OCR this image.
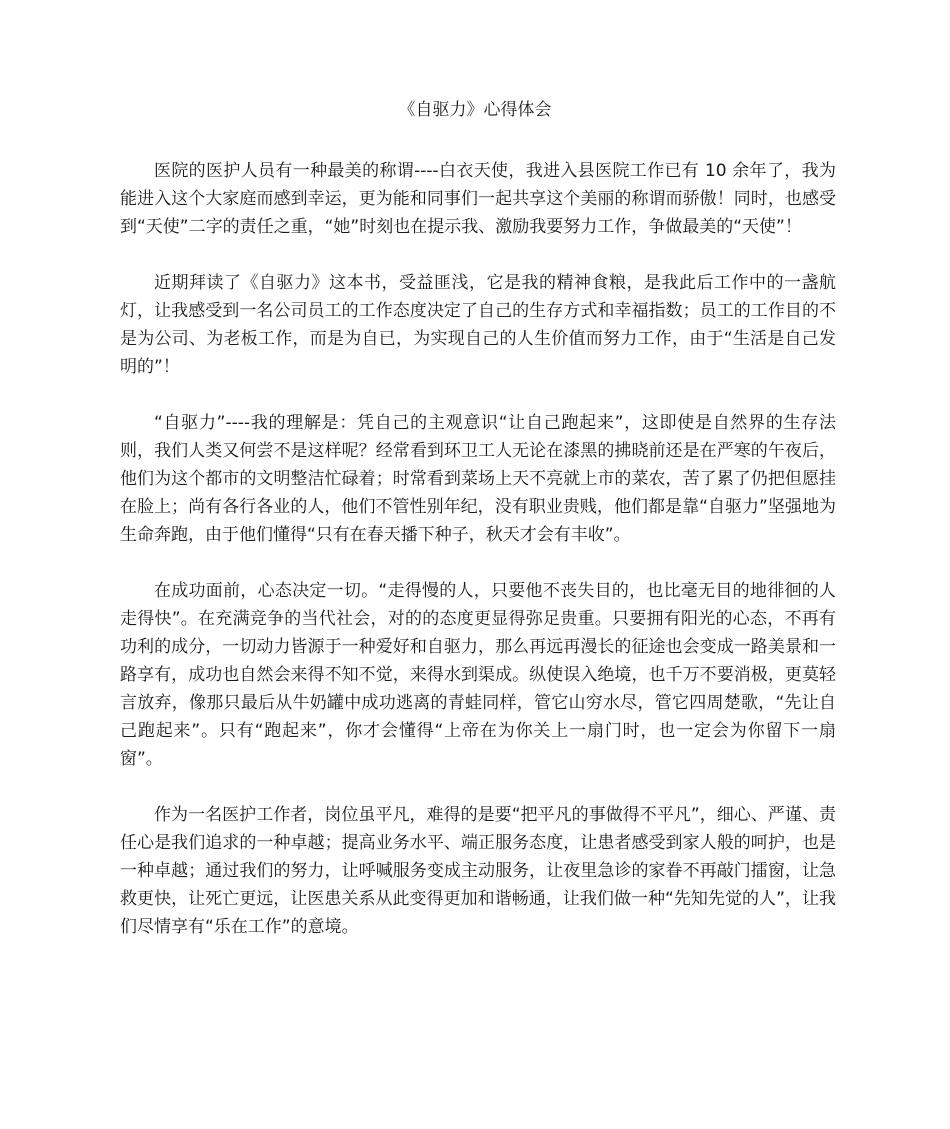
《自驱力》心得体会

医院的医护人员有一种最美的称谓----白衣天使，我进入县医院工作已有 10 余年了，我为能进入这个大家庭而感到幸运，更为能和同事们一起共享这个美丽的称谓而骄傲！同时，也感受到“天使”二字的责任之重，“她”时刻也在提示我、激励我要努力工作，争做最美的“天使”！

近期拜读了《自驱力》这本书，受益匪浅，它是我的精神食粮，是我此后工作中的一盏航灯，让我感受到一名公司员工的工作态度决定了自己的生存方式和幸福指数；员工的工作目的不是为公司、为老板工作，而是为自已，为实现自己的人生价值而努力工作，由于“生活是自己发明的”！

“自驱力”----我的理解是：凭自己的主观意识“让自己跑起来”，这即使是自然界的生存法则，我们人类又何尝不是这样呢？经常看到环卫工人无论在漆黑的拂晓前还是在严寒的午夜后，他们为这个都市的文明整洁忙碌着；时常看到菜场上天不亮就上市的菜农，苦了累了仍把但愿挂在脸上；尚有各行各业的人，他们不管性别年纪，没有职业贵贱，他们都是靠“自驱力”坚强地为生命奔跑，由于他们懂得“只有在春天播下种子，秋天才会有丰收”。

在成功面前，心态决定一切。“走得慢的人，只要他不丧失目的，也比毫无目的地徘徊的人走得快”。在充满竞争的当代社会，对的的态度更显得弥足贵重。只要拥有阳光的心态，不再有功利的成分，一切动力皆源于一种爱好和自驱力，那么再远再漫长的征途也会变成一路美景和一路享有，成功也自然会来得不知不觉，来得水到渠成。纵使误入绝境，也千万不要消极，更莫轻言放弃，像那只最后从牛奶罐中成功逃离的青蛙同样，管它山穷水尽，管它四周楚歌，“先让自己跑起来”。只有“跑起来”，你才会懂得“上帝在为你关上一扇门时，也一定会为你留下一扇窗”。

作为一名医护工作者，岗位虽平凡，难得的是要“把平凡的事做得不平凡”，细心、严谨、责任心是我们追求的一种卓越；提高业务水平、端正服务态度，让患者感受到家人般的呵护，也是一种卓越；通过我们的努力，让呼喊服务变成主动服务，让夜里急诊的家眷不再敲门擂窗，让急救更快，让死亡更远，让医患关系从此变得更加和谐畅通，让我们做一种“先知先觉的人”，让我们尽情享有“乐在工作”的意境。
